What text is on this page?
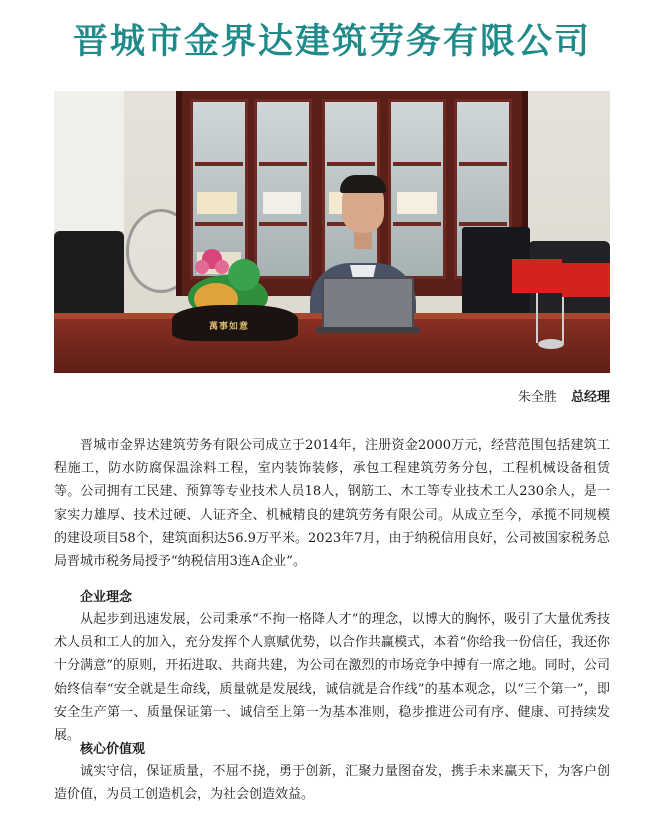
晋城市金界达建筑劳务有限公司
萬事如意
朱全胜 总经理

晋城市金界达建筑劳务有限公司成立于2014年，注册资金2000万元，经营范围包括建筑工程施工，防水防腐保温涂料工程，室内装饰装修，承包工程建筑劳务分包，工程机械设备租赁等。公司拥有工民建、预算等专业技术人员18人，钢筋工、木工等专业技术工人230余人，是一家实力雄厚、技术过硬、人证齐全、机械精良的建筑劳务有限公司。从成立至今，承揽不同规模的建设项目58个，建筑面积达56.9万平米。2023年7月，由于纳税信用良好，公司被国家税务总局晋城市税务局授予“纳税信用3连A企业”。

企业理念

从起步到迅速发展，公司秉承“不拘一格降人才”的理念，以博大的胸怀，吸引了大量优秀技术人员和工人的加入，充分发挥个人禀赋优势，以合作共赢模式，本着“你给我一份信任，我还你十分满意”的原则，开拓进取、共商共建，为公司在激烈的市场竞争中搏有一席之地。同时，公司始终信奉“安全就是生命线，质量就是发展线，诚信就是合作线”的基本观念，以“三个第一”，即安全生产第一、质量保证第一、诚信至上第一为基本准则，稳步推进公司有序、健康、可持续发展。

核心价值观

诚实守信，保证质量，不屈不挠，勇于创新，汇聚力量图奋发，携手未来赢天下，为客户创造价值，为员工创造机会，为社会创造效益。
